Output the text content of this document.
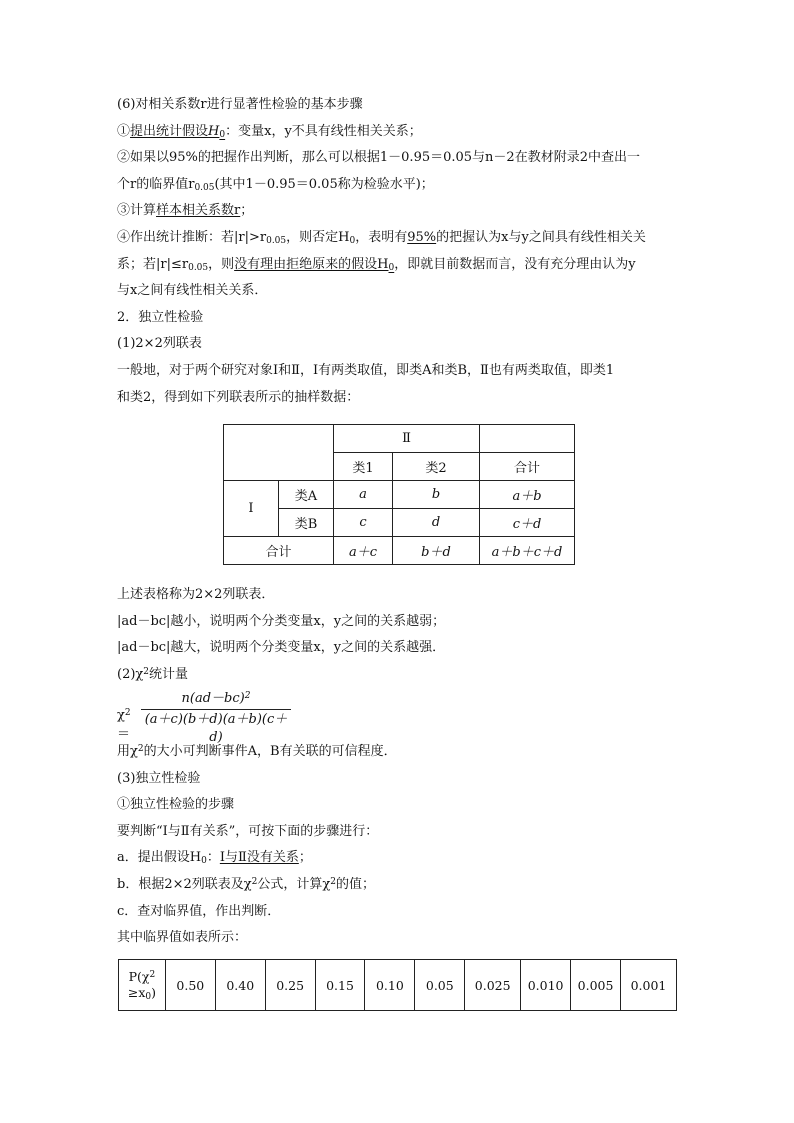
(6)对相关系数r进行显著性检验的基本步骤
①提出统计假设$H_0$：变量x，y不具有线性相关关系；
②如果以95%的把握作出判断，那么可以根据1－0.95＝0.05与n－2在教材附录2中查出一
个r的临界值$r_{0.05}$(其中1－0.95＝0.05称为检验水平)；
③计算样本相关系数r；
④作出统计推断：若$|r|>r_{0.05}$，则否定$H_0$，表明有95%的把握认为x与y之间具有线性相关关
系；若$|r|\le r_{0.05}$，则没有理由拒绝原来的假设$H_0$，即就目前数据而言，没有充分理由认为y
与x之间有线性相关关系．
2．独立性检验
(1)2×2列联表
一般地，对于两个研究对象Ⅰ和Ⅱ，Ⅰ有两类取值，即类A和类B，Ⅱ也有两类取值，即类1
和类2，得到如下列联表所示的抽样数据：
		Ⅱ		
		类1	类2	合计
Ⅰ	类A	a	b	a＋b
	类B	c	d	c＋d
合计		a＋c	b＋d	a＋b＋c＋d
上述表格称为2×2列联表．
|ad－bc|越小，说明两个分类变量x，y之间的关系越弱；
|ad－bc|越大，说明两个分类变量x，y之间的关系越强．
$(2)\chi^2$统计量
$\chi^2=$
$n(ad-bc)^2$
(a＋c)(b＋d)(a＋b)(c＋d)
用$\chi^2$的大小可判断事件A，B有关联的可信程度．
(3)独立性检验
①独立性检验的步骤
要判断“Ⅰ与Ⅱ有关系”，可按下面的步骤进行：
a．提出假设$H_0$：Ⅰ与Ⅱ没有关系；
b．根据2×2列联表及$\chi^2$公式，计算$\chi^2$的值；
c．查对临界值，作出判断．
其中临界值如表所示：
$P(\chi^2$
$\ge x_0$)	0.50	0.40	0.25	0.15	0.10	0.05	0.025	0.010	0.005	0.001
